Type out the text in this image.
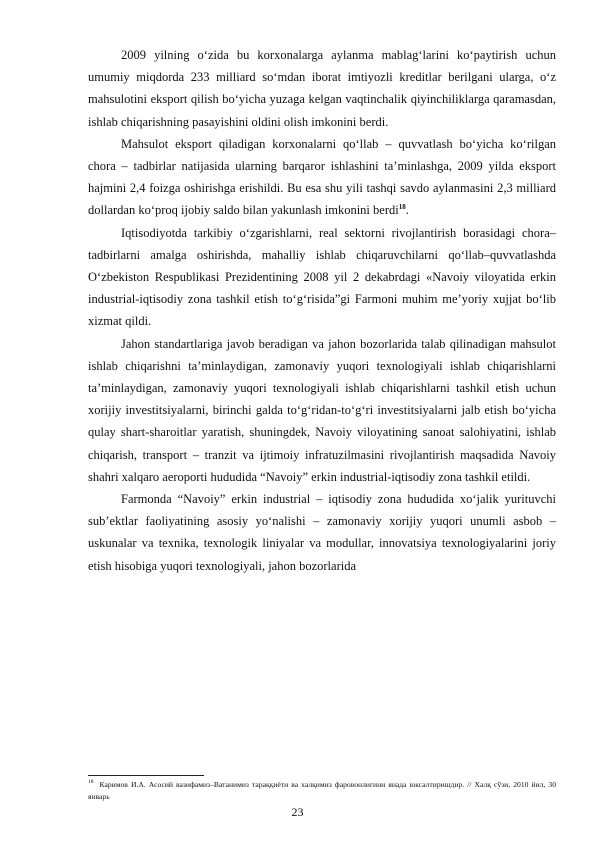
2009 yilning o‘zida bu korxonalarga aylanma mablag‘larini ko‘paytirish uchun umumiy miqdorda 233 milliard so‘mdan iborat imtiyozli kreditlar berilgani ularga, o‘z mahsulotini eksport qilish bo‘yicha yuzaga kelgan vaqtinchalik qiyinchiliklarga qaramasdan, ishlab chiqarishning pasayishini oldini olish imkonini berdi.

Mahsulot eksport qiladigan korxonalarni qo‘llab – quvvatlash bo‘yicha ko‘rilgan chora – tadbirlar natijasida ularning barqaror ishlashini ta’minlashga, 2009 yilda eksport hajmini 2,4 foizga oshirishga erishildi. Bu esa shu yili tashqi savdo aylanmasini 2,3 milliard dollardan ko‘proq ijobiy saldo bilan yakunlash imkonini berdi$^{18}$.

Iqtisodiyotda tarkibiy o‘zgarishlarni, real sektorni rivojlantirish borasidagi chora–tadbirlarni amalga oshirishda, mahalliy ishlab chiqaruvchilarni qo‘llab–quvvatlashda O‘zbekiston Respublikasi Prezidentining 2008 yil 2 dekabrdagi «Navoiy viloyatida erkin industrial-iqtisodiy zona tashkil etish to‘g‘risida”gi Farmoni muhim me’yoriy xujjat bo‘lib xizmat qildi.

Jahon standartlariga javob beradigan va jahon bozorlarida talab qilinadigan mahsulot ishlab chiqarishni ta’minlaydigan, zamonaviy yuqori texnologiyali ishlab chiqarishlarni ta’minlaydigan, zamonaviy yuqori texnologiyali ishlab chiqarishlarni tashkil etish uchun xorijiy investitsiyalarni, birinchi galda to‘g‘ridan-to‘g‘ri investitsiyalarni jalb etish bo‘yicha qulay shart-sharoitlar yaratish, shuningdek, Navoiy viloyatining sanoat salohiyatini, ishlab chiqarish, transport – tranzit va ijtimoiy infratuzilmasini rivojlantirish maqsadida Navoiy shahri xalqaro aeroporti hududida “Navoiy” erkin industrial-iqtisodiy zona tashkil etildi.

Farmonda “Navoiy” erkin industrial – iqtisodiy zona hududida xo‘jalik yurituvchi sub’ektlar faoliyatining asosiy yo‘nalishi – zamonaviy xorijiy yuqori unumli asbob – uskunalar va texnika, texnologik liniyalar va modullar, innovatsiya texnologiyalarini joriy etish hisobiga yuqori texnologiyali, jahon bozorlarida

$^{18}$ Каримов И.А. Асосий вазифамиз–Ватанимиз тараққиёти ва халқимиз фаровонлигини янада юксалтиришдир. // Халқ сўзи, 2010 йил, 30 январь

23
